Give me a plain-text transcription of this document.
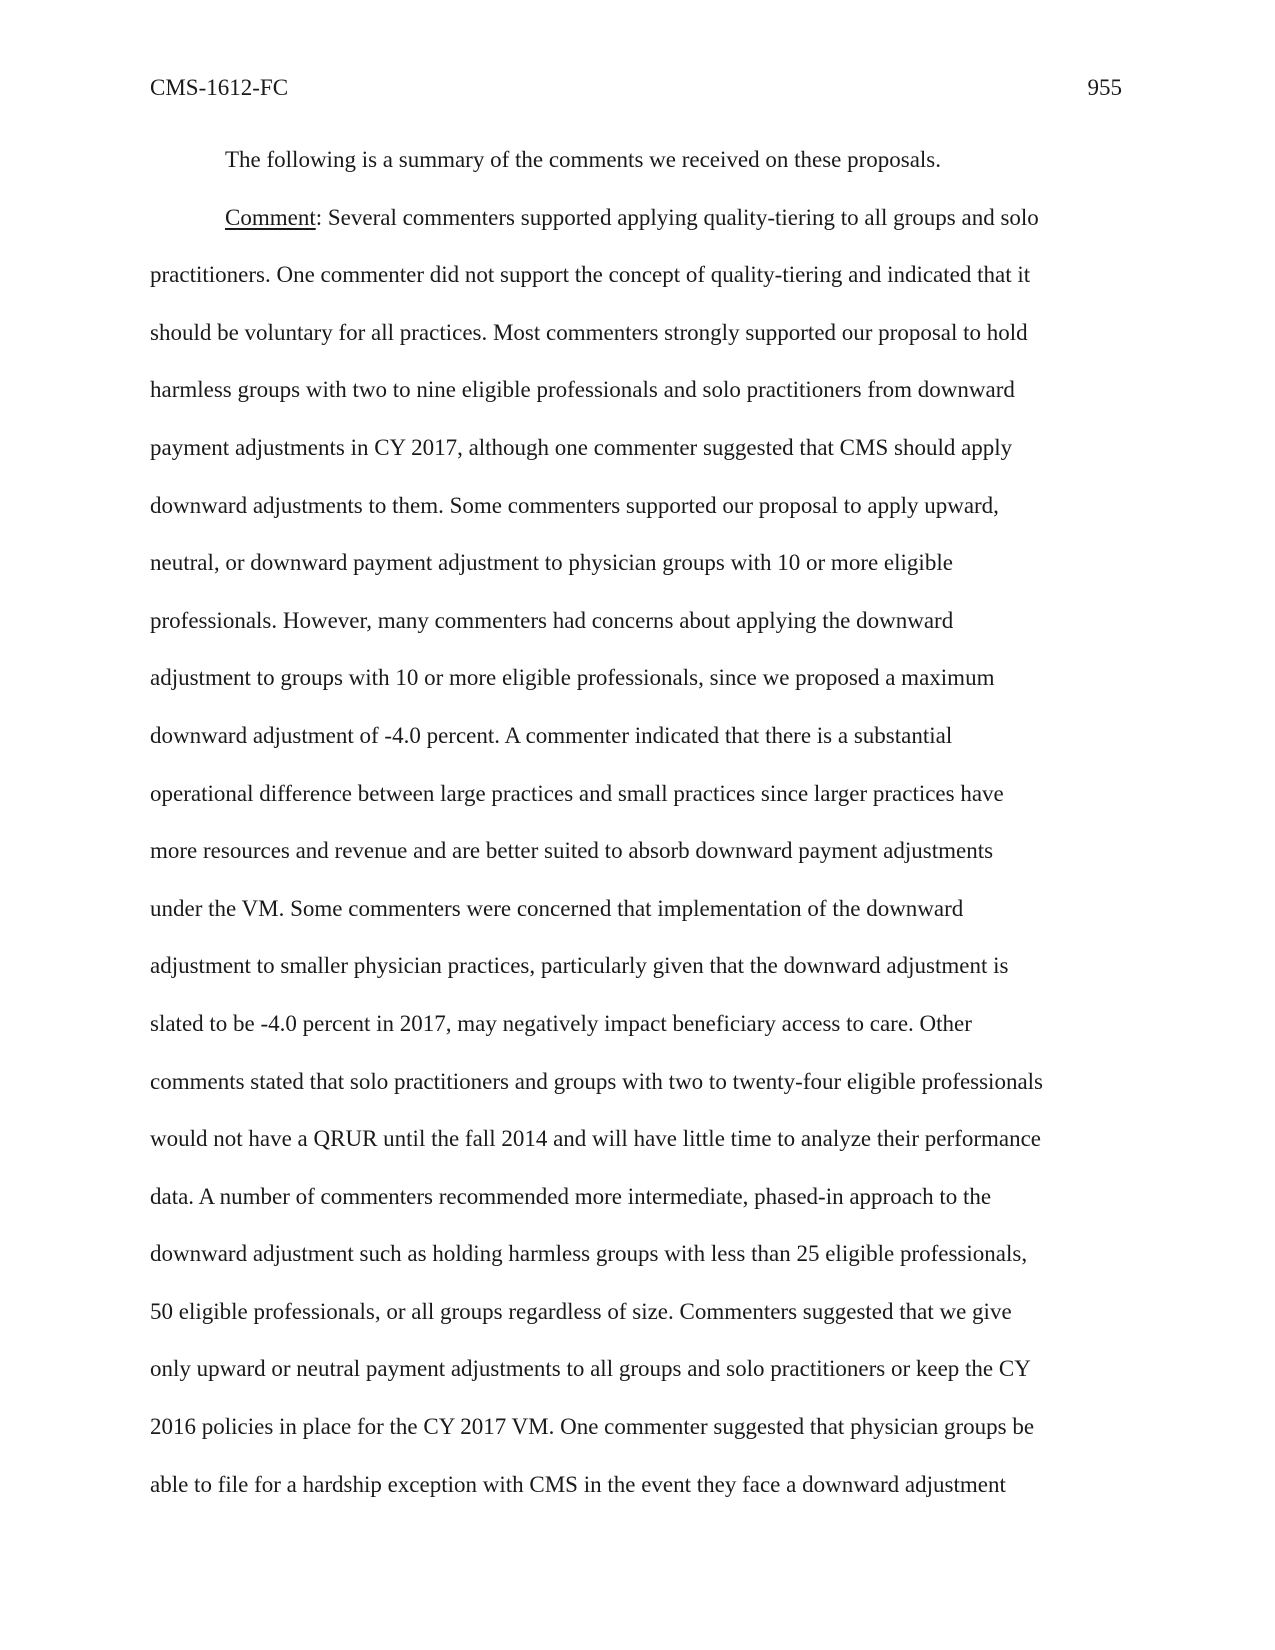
CMS-1612-FC	955
The following is a summary of the comments we received on these proposals.
Comment: Several commenters supported applying quality-tiering to all groups and solo
practitioners. One commenter did not support the concept of quality-tiering and indicated that it
should be voluntary for all practices. Most commenters strongly supported our proposal to hold
harmless groups with two to nine eligible professionals and solo practitioners from downward
payment adjustments in CY 2017, although one commenter suggested that CMS should apply
downward adjustments to them. Some commenters supported our proposal to apply upward,
neutral, or downward payment adjustment to physician groups with 10 or more eligible
professionals. However, many commenters had concerns about applying the downward
adjustment to groups with 10 or more eligible professionals, since we proposed a maximum
downward adjustment of -4.0 percent. A commenter indicated that there is a substantial
operational difference between large practices and small practices since larger practices have
more resources and revenue and are better suited to absorb downward payment adjustments
under the VM. Some commenters were concerned that implementation of the downward
adjustment to smaller physician practices, particularly given that the downward adjustment is
slated to be -4.0 percent in 2017, may negatively impact beneficiary access to care. Other
comments stated that solo practitioners and groups with two to twenty-four eligible professionals
would not have a QRUR until the fall 2014 and will have little time to analyze their performance
data. A number of commenters recommended more intermediate, phased-in approach to the
downward adjustment such as holding harmless groups with less than 25 eligible professionals,
50 eligible professionals, or all groups regardless of size. Commenters suggested that we give
only upward or neutral payment adjustments to all groups and solo practitioners or keep the CY
2016 policies in place for the CY 2017 VM. One commenter suggested that physician groups be
able to file for a hardship exception with CMS in the event they face a downward adjustment
